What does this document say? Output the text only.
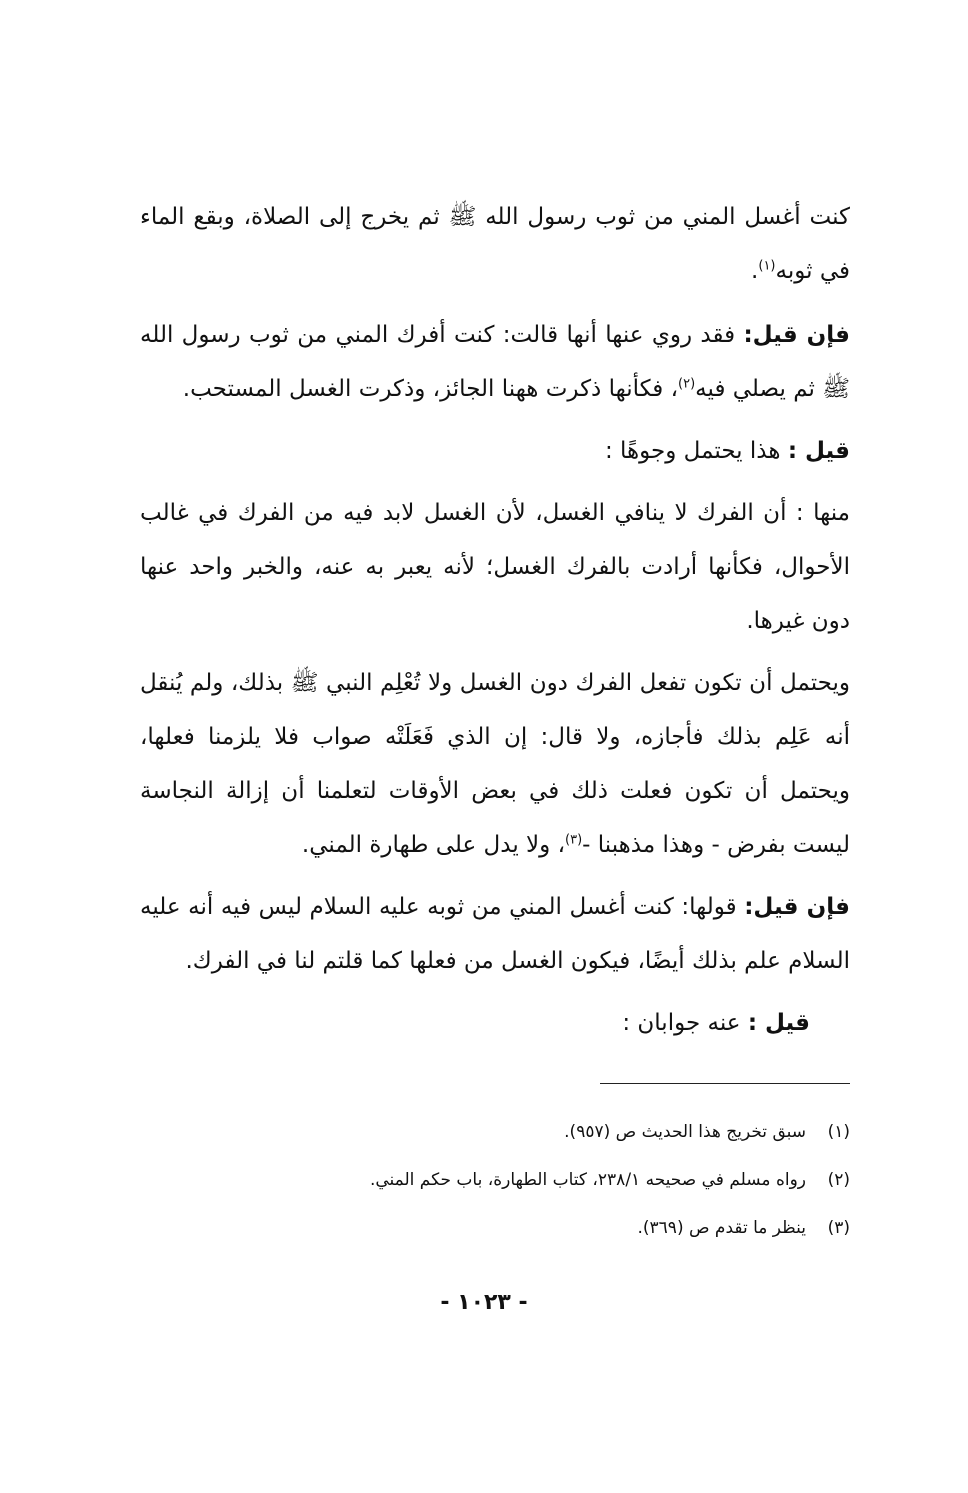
كنت أغسل المني من ثوب رسول الله ﷺ ثم يخرج إلى الصلاة، وبقع الماء في ثوبه$^{(١)}$.

فإن قيل: فقد روي عنها أنها قالت: كنت أفرك المني من ثوب رسول الله ﷺ ثم يصلي فيه$^{(٢)}$، فكأنها ذكرت ههنا الجائز، وذكرت الغسل المستحب.

قيل : هذا يحتمل وجوهًا :

منها : أن الفرك لا ينافي الغسل، لأن الغسل لابد فيه من الفرك في غالب الأحوال، فكأنها أرادت بالفرك الغسل؛ لأنه يعبر به عنه، والخبر واحد عنها دون غيرها.

ويحتمل أن تكون تفعل الفرك دون الغسل ولا تُعْلِم النبي ﷺ بذلك، ولم يُنقل أنه عَلِم بذلك فأجازه، ولا قال: إن الذي فَعَلَتْه صواب فلا يلزمنا فعلها، ويحتمل أن تكون فعلت ذلك في بعض الأوقات لتعلمنا أن إزالة النجاسة ليست بفرض - وهذا مذهبنا -$^{(٣)}$، ولا يدل على طهارة المني.

فإن قيل: قولها: كنت أغسل المني من ثوبه عليه السلام ليس فيه أنه عليه السلام علم بذلك أيضًا، فيكون الغسل من فعلها كما قلتم لنا في الفرك.

قيل : عنه جوابان :

(١)سبق تخريج هذا الحديث ص (٩٥٧).
(٢)رواه مسلم في صحيحه ٢٣٨/١، كتاب الطهارة، باب حكم المني.
(٣)ينظر ما تقدم ص (٣٦٩).
- ١٠٢٣ -
